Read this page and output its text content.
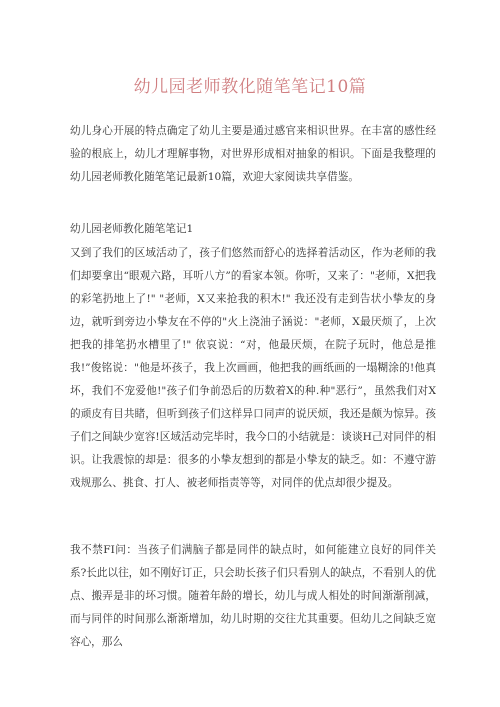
幼儿园老师教化随笔笔记10篇

幼儿身心开展的特点确定了幼儿主要是通过感官来相识世界。在丰富的感性经验的根底上，幼儿才理解事物，对世界形成相对抽象的相识。下面是我整理的幼儿园老师教化随笔笔记最新10篇，欢迎大家阅读共享借鉴。

幼儿园老师教化随笔笔记1

又到了我们的区域活动了，孩子们悠然而舒心的选择着活动区，作为老师的我们却要拿出“眼观六路，耳听八方”的看家本领。你听，又来了："老师，X把我的彩笔扔地上了!" "老师，X又来抢我的积木!" 我还没有走到告状小挚友的身边，就听到旁边小挚友在不停的"火上浇油子涵说："老师，X最厌烦了，上次把我的排笔扔水槽里了!" 依哀说：“对，他最厌烦，在院子玩时，他总是推我!”俊铭说："他是坏孩子，我上次画画，他把我的画纸画的一塌糊涂的!他真坏，我们不宠爱他!"孩子们争前恐后的历数着X的种.种"恶行”，虽然我们对X的顽皮有目共睹，但听到孩子们这样异口同声的说厌烦，我还是颇为惊异。孩子们之间缺少宽容!区域活动完毕时，我今口的小结就是：谈谈H己对同伴的相识。让我震惊的却是：很多的小挚友想到的都是小挚友的缺乏。如：不遵守游戏规那么、挑食、打人、被老师指责等等，对同伴的优点却很少提及。

我不禁FI问：当孩子们满脑子都是同伴的缺点时，如何能建立良好的同伴关系?长此以往，如不刚好订正，只会助长孩子们只看别人的缺点，不看别人的优点、搬弄是非的坏习惯。随着年龄的增长，幼儿与成人相处的时间渐渐削减，而与同伴的时间那么渐渐增加，幼儿时期的交往尤其重要。但幼儿之间缺乏宽容心，那么
